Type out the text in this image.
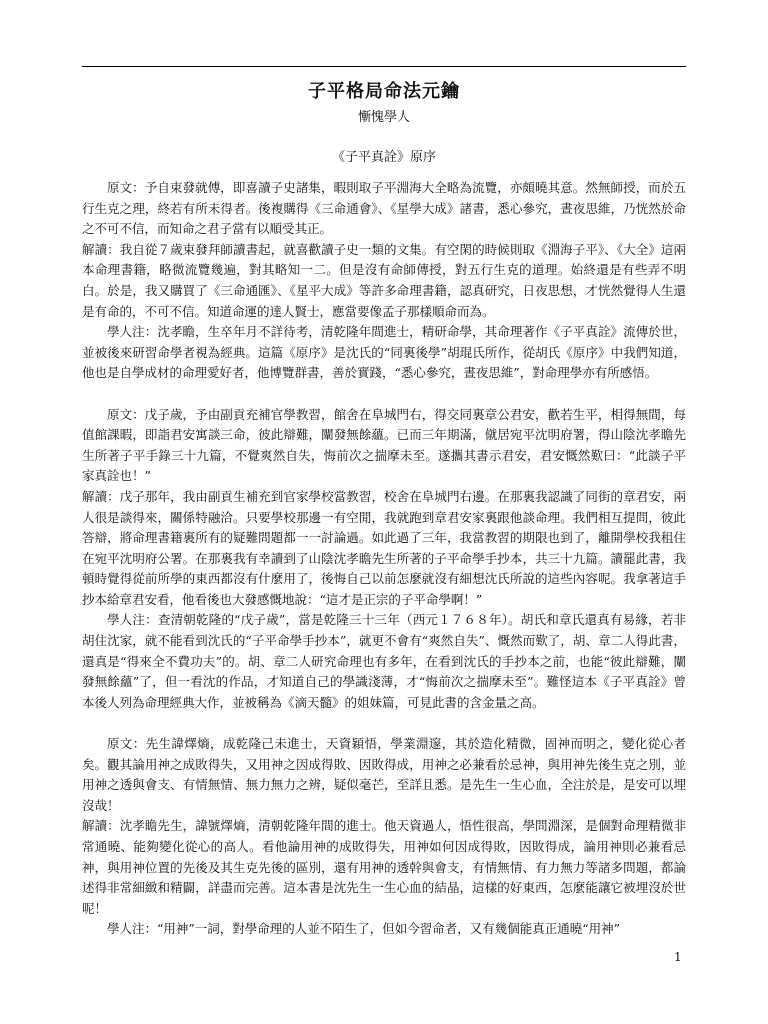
子平格局命法元鑰
慚愧學人
《子平真詮》原序

原文：予自束發就傅，即喜讀子史諸集，暇則取子平淵海大全略為流覽，亦頗曉其意。然無師授，而於五行生克之理，終若有所未得者。後複購得《三命通會》、《星學大成》諸書，悉心參究，晝夜思維，乃恍然於命之不可不信，而知命之君子當有以順受其正。

解讀：我自從７歲束發拜師讀書起，就喜歡讀子史一類的文集。有空閑的時候則取《淵海子平》、《大全》這兩本命理書籍，略微流覽幾遍，對其略知一二。但是沒有命師傳授，對五行生克的道理。始終還是有些弄不明白。於是，我又購買了《三命通匯》、《星平大成》等許多命理書籍，認真研究，日夜思想，才恍然覺得人生還是有命的，不可不信。知道命運的達人賢士，應當要像孟子那樣順命而為。

學人注：沈孝瞻，生卒年月不詳待考，清乾隆年間進士，精研命學，其命理著作《子平真詮》流傳於世，並被後來研習命學者視為經典。這篇《原序》是沈氏的“同裏後學”胡琨氏所作，從胡氏《原序》中我們知道，他也是自學成材的命理愛好者，他博覽群書，善於實踐，“悉心參究，晝夜思維”，對命理學亦有所感悟。

原文：戊子歲，予由副貢充補官學教習，館舍在阜城門右，得交同裏章公君安，歡若生平，相得無間，每值館課暇，即詣君安寓談三命，彼此辯難，闡發無餘蘊。已而三年期滿，僦居宛平沈明府署，得山陰沈孝瞻先生所著子平手錄三十九篇，不覺爽然自失，悔前次之揣摩未至。遂攜其書示君安，君安慨然歎曰：“此談子平家真詮也！”

解讀：戊子那年，我由副貢生補充到官家學校當教習，校舍在阜城門右邊。在那裏我認識了同街的章君安，兩人很是談得來，關係特融洽。只要學校那邊一有空閒，我就跑到章君安家裏跟他談命理。我們相互提問，彼此答辯，將命理書籍裏所有的疑難問題都一一討論過。如此過了三年，我當教習的期限也到了，離開學校我租住在宛平沈明府公署。在那裏我有幸讀到了山陰沈孝瞻先生所著的子平命學手抄本，共三十九篇。讀罷此書，我頓時覺得從前所學的東西都沒有什麼用了，後悔自己以前怎麼就沒有細想沈氏所說的這些內容呢。我拿著這手抄本給章君安看，他看後也大發感慨地說：“這才是正宗的子平命學啊！”

學人注：查清朝乾隆的“戊子歲”，當是乾隆三十三年（西元１７６８年）。胡氏和章氏還真有易緣，若非胡住沈家，就不能看到沈氏的“子平命學手抄本”，就更不會有“爽然自失”、慨然而歎了，胡、章二人得此書，還真是“得來全不費功夫”的。胡、章二人研究命理也有多年，在看到沈氏的手抄本之前，也能“彼此辯難，闡發無餘蘊”了，但一看沈的作品，才知道自己的學識淺薄，才“悔前次之揣摩未至”。難怪這本《子平真詮》曾本後人列為命理經典大作，並被稱為《滴天髓》的姐妹篇，可見此書的含金量之高。

原文：先生諱燡熵，成乾隆己未進士，天資穎悟，學業淵邃，其於造化精微，固神而明之，變化從心者矣。觀其論用神之成敗得失，又用神之因成得敗、因敗得成，用神之必兼看於忌神，與用神先後生克之別，並用神之透與會支、有情無情、無力無力之辨，疑似毫芒，至詳且悉。是先生一生心血，全注於是，是安可以埋沒哉！

解讀：沈孝瞻先生，諱號燡熵，清朝乾隆年間的進士。他天資過人，悟性很高，學問淵深，是個對命理精微非常通曉、能夠變化從心的高人。看他論用神的成敗得失，用神如何因成得敗，因敗得成，論用神則必兼看忌神，與用神位置的先後及其生克先後的區別，還有用神的透幹與會支，有情無情、有力無力等諸多問題，都論述得非常細緻和精闢，詳盡而完善。這本書是沈先生一生心血的結晶，這樣的好東西，怎麼能讓它被埋沒於世呢！

學人注：“用神”一詞，對學命理的人並不陌生了，但如今習命者，又有幾個能真正通曉“用神”

1
